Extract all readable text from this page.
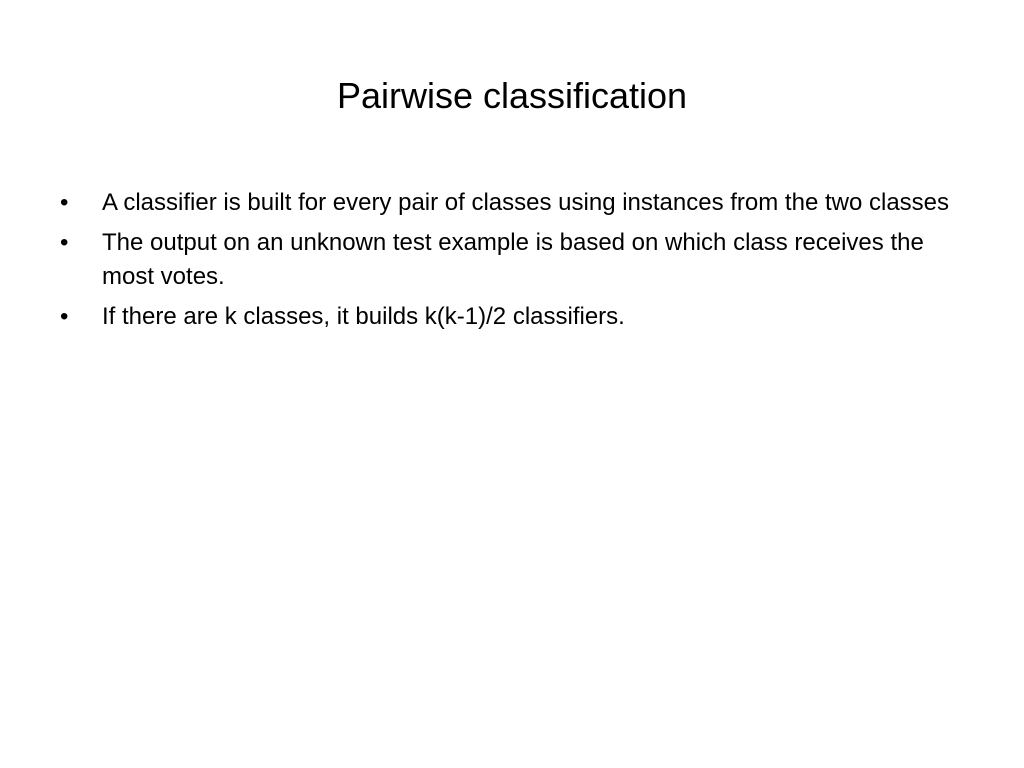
Pairwise classification
•	A classifier is built for every pair of classes using instances from the two classes
•	The output on an unknown test example is based on which class receives the most votes.
•	If there are k classes, it builds k(k-1)/2 classifiers.
